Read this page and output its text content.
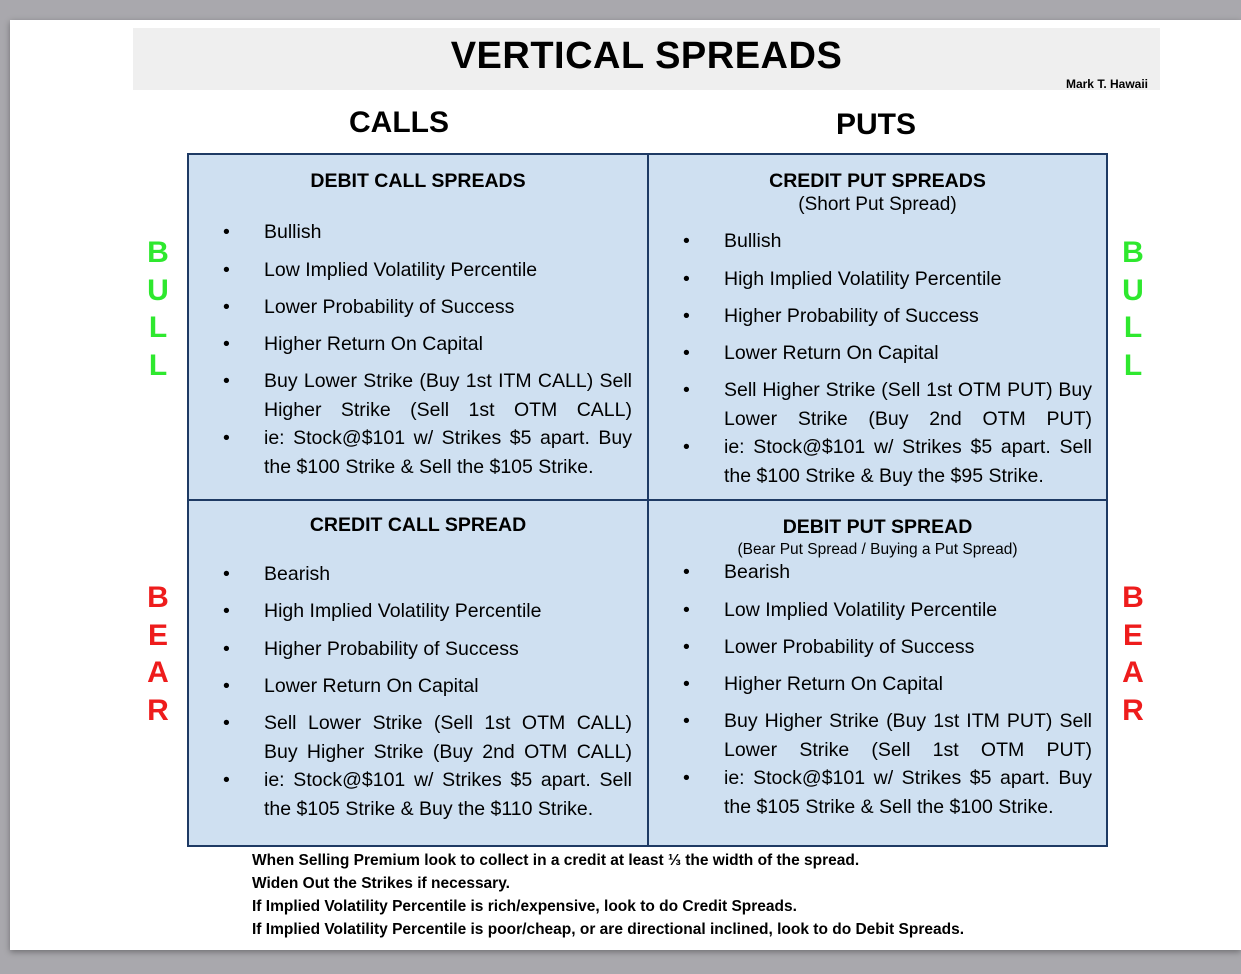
VERTICAL SPREADS
Mark T. Hawaii
CALLS	PUTS
B
U
L
L
B
E
A
R
B
U
L
L
B
E
A
R
DEBIT CALL SPREADS
• Bullish
• Low Implied Volatility Percentile
• Lower Probability of Success
• Higher Return On Capital
• Buy Lower Strike (Buy 1st ITM CALL) Sell Higher Strike (Sell 1st OTM CALL)
• ie: Stock@$101 w/ Strikes $5 apart. Buy the $100 Strike & Sell the $105 Strike.
CREDIT PUT SPREADS
(Short Put Spread)
• Bullish
• High Implied Volatility Percentile
• Higher Probability of Success
• Lower Return On Capital
• Sell Higher Strike (Sell 1st OTM PUT) Buy Lower Strike (Buy 2nd OTM PUT)
• ie: Stock@$101 w/ Strikes $5 apart. Sell the $100 Strike & Buy the $95 Strike.
CREDIT CALL SPREAD
• Bearish
• High Implied Volatility Percentile
• Higher Probability of Success
• Lower Return On Capital
• Sell Lower Strike (Sell 1st OTM CALL) Buy Higher Strike (Buy 2nd OTM CALL)
• ie: Stock@$101 w/ Strikes $5 apart. Sell the $105 Strike & Buy the $110 Strike.
DEBIT PUT SPREAD
(Bear Put Spread / Buying a Put Spread)
• Bearish
• Low Implied Volatility Percentile
• Lower Probability of Success
• Higher Return On Capital
• Buy Higher Strike (Buy 1st ITM PUT) Sell Lower Strike (Sell 1st OTM PUT)
• ie: Stock@$101 w/ Strikes $5 apart. Buy the $105 Strike & Sell the $100 Strike.
When Selling Premium look to collect in a credit at least ⅓ the width of the spread.
Widen Out the Strikes if necessary.
If Implied Volatility Percentile is rich/expensive, look to do Credit Spreads.
If Implied Volatility Percentile is poor/cheap, or are directional inclined, look to do Debit Spreads.
